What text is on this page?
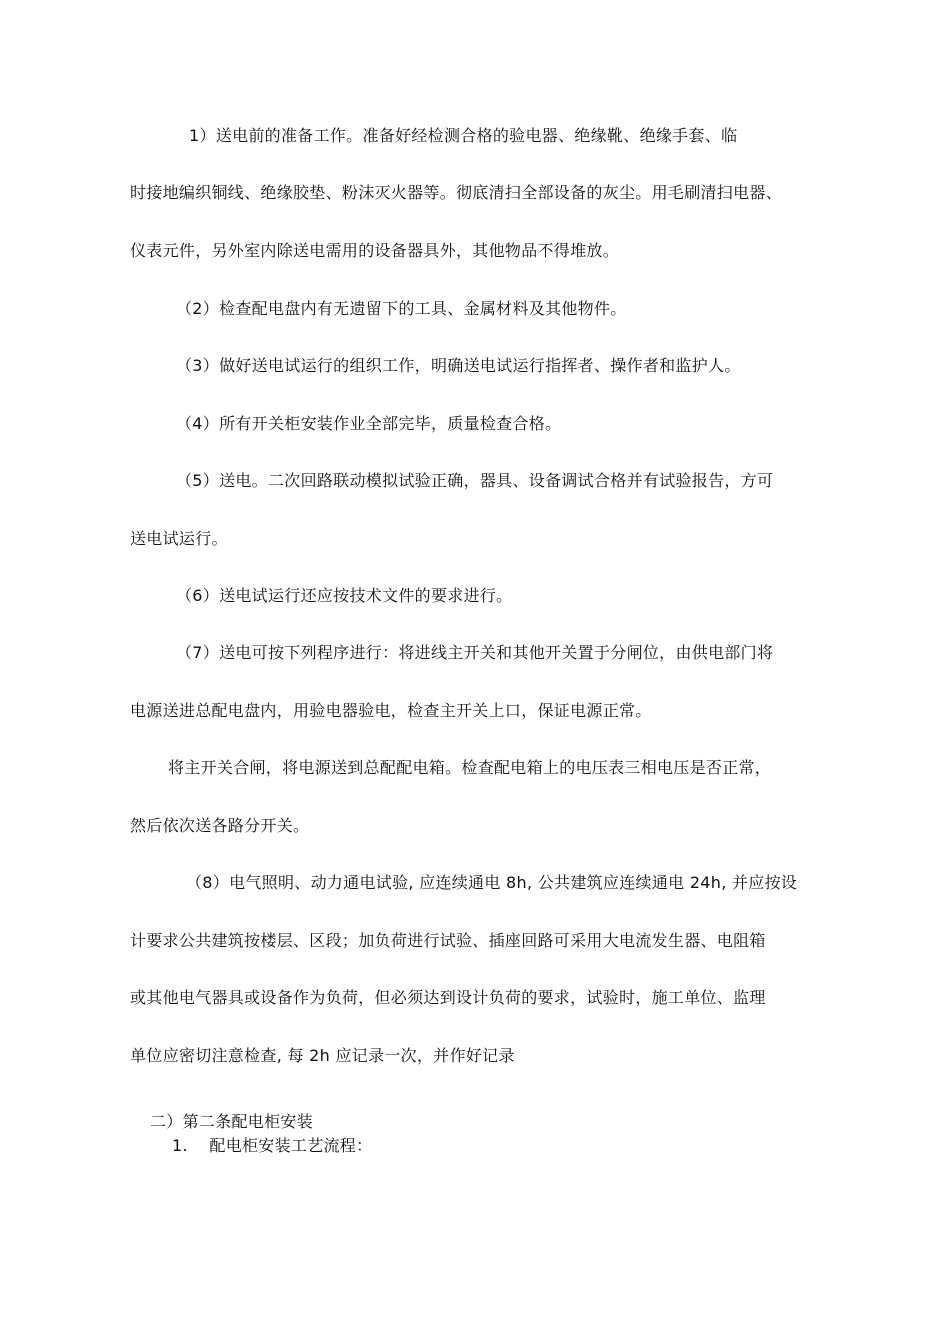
1）送电前的准备工作。准备好经检测合格的验电器、绝缘靴、绝缘手套、临
时接地编织铜线、绝缘胶垫、粉沫灭火器等。彻底清扫全部设备的灰尘。用毛刷清扫电器、
仪表元件，另外室内除送电需用的设备器具外，其他物品不得堆放。
（2）检查配电盘内有无遗留下的工具、金属材料及其他物件。
（3）做好送电试运行的组织工作，明确送电试运行指挥者、操作者和监护人。
（4）所有开关柜安装作业全部完毕，质量检查合格。
（5）送电。二次回路联动模拟试验正确，器具、设备调试合格并有试验报告，方可
送电试运行。
（6）送电试运行还应按技术文件的要求进行。
（7）送电可按下列程序进行：将进线主开关和其他开关置于分闸位，由供电部门将
电源送进总配电盘内，用验电器验电，检查主开关上口，保证电源正常。
将主开关合闸，将电源送到总配配电箱。检查配电箱上的电压表三相电压是否正常，
然后依次送各路分开关。
（8）电气照明、动力通电试验, 应连续通电 8h, 公共建筑应连续通电 24h, 并应按设
计要求公共建筑按楼层、区段；加负荷进行试验、插座回路可采用大电流发生器、电阻箱
或其他电气器具或设备作为负荷，但必须达到设计负荷的要求，试验时，施工单位、监理
单位应密切注意检查, 每 2h 应记录一次，并作好记录
二）第二条配电柜安装
1.    配电柜安装工艺流程：
